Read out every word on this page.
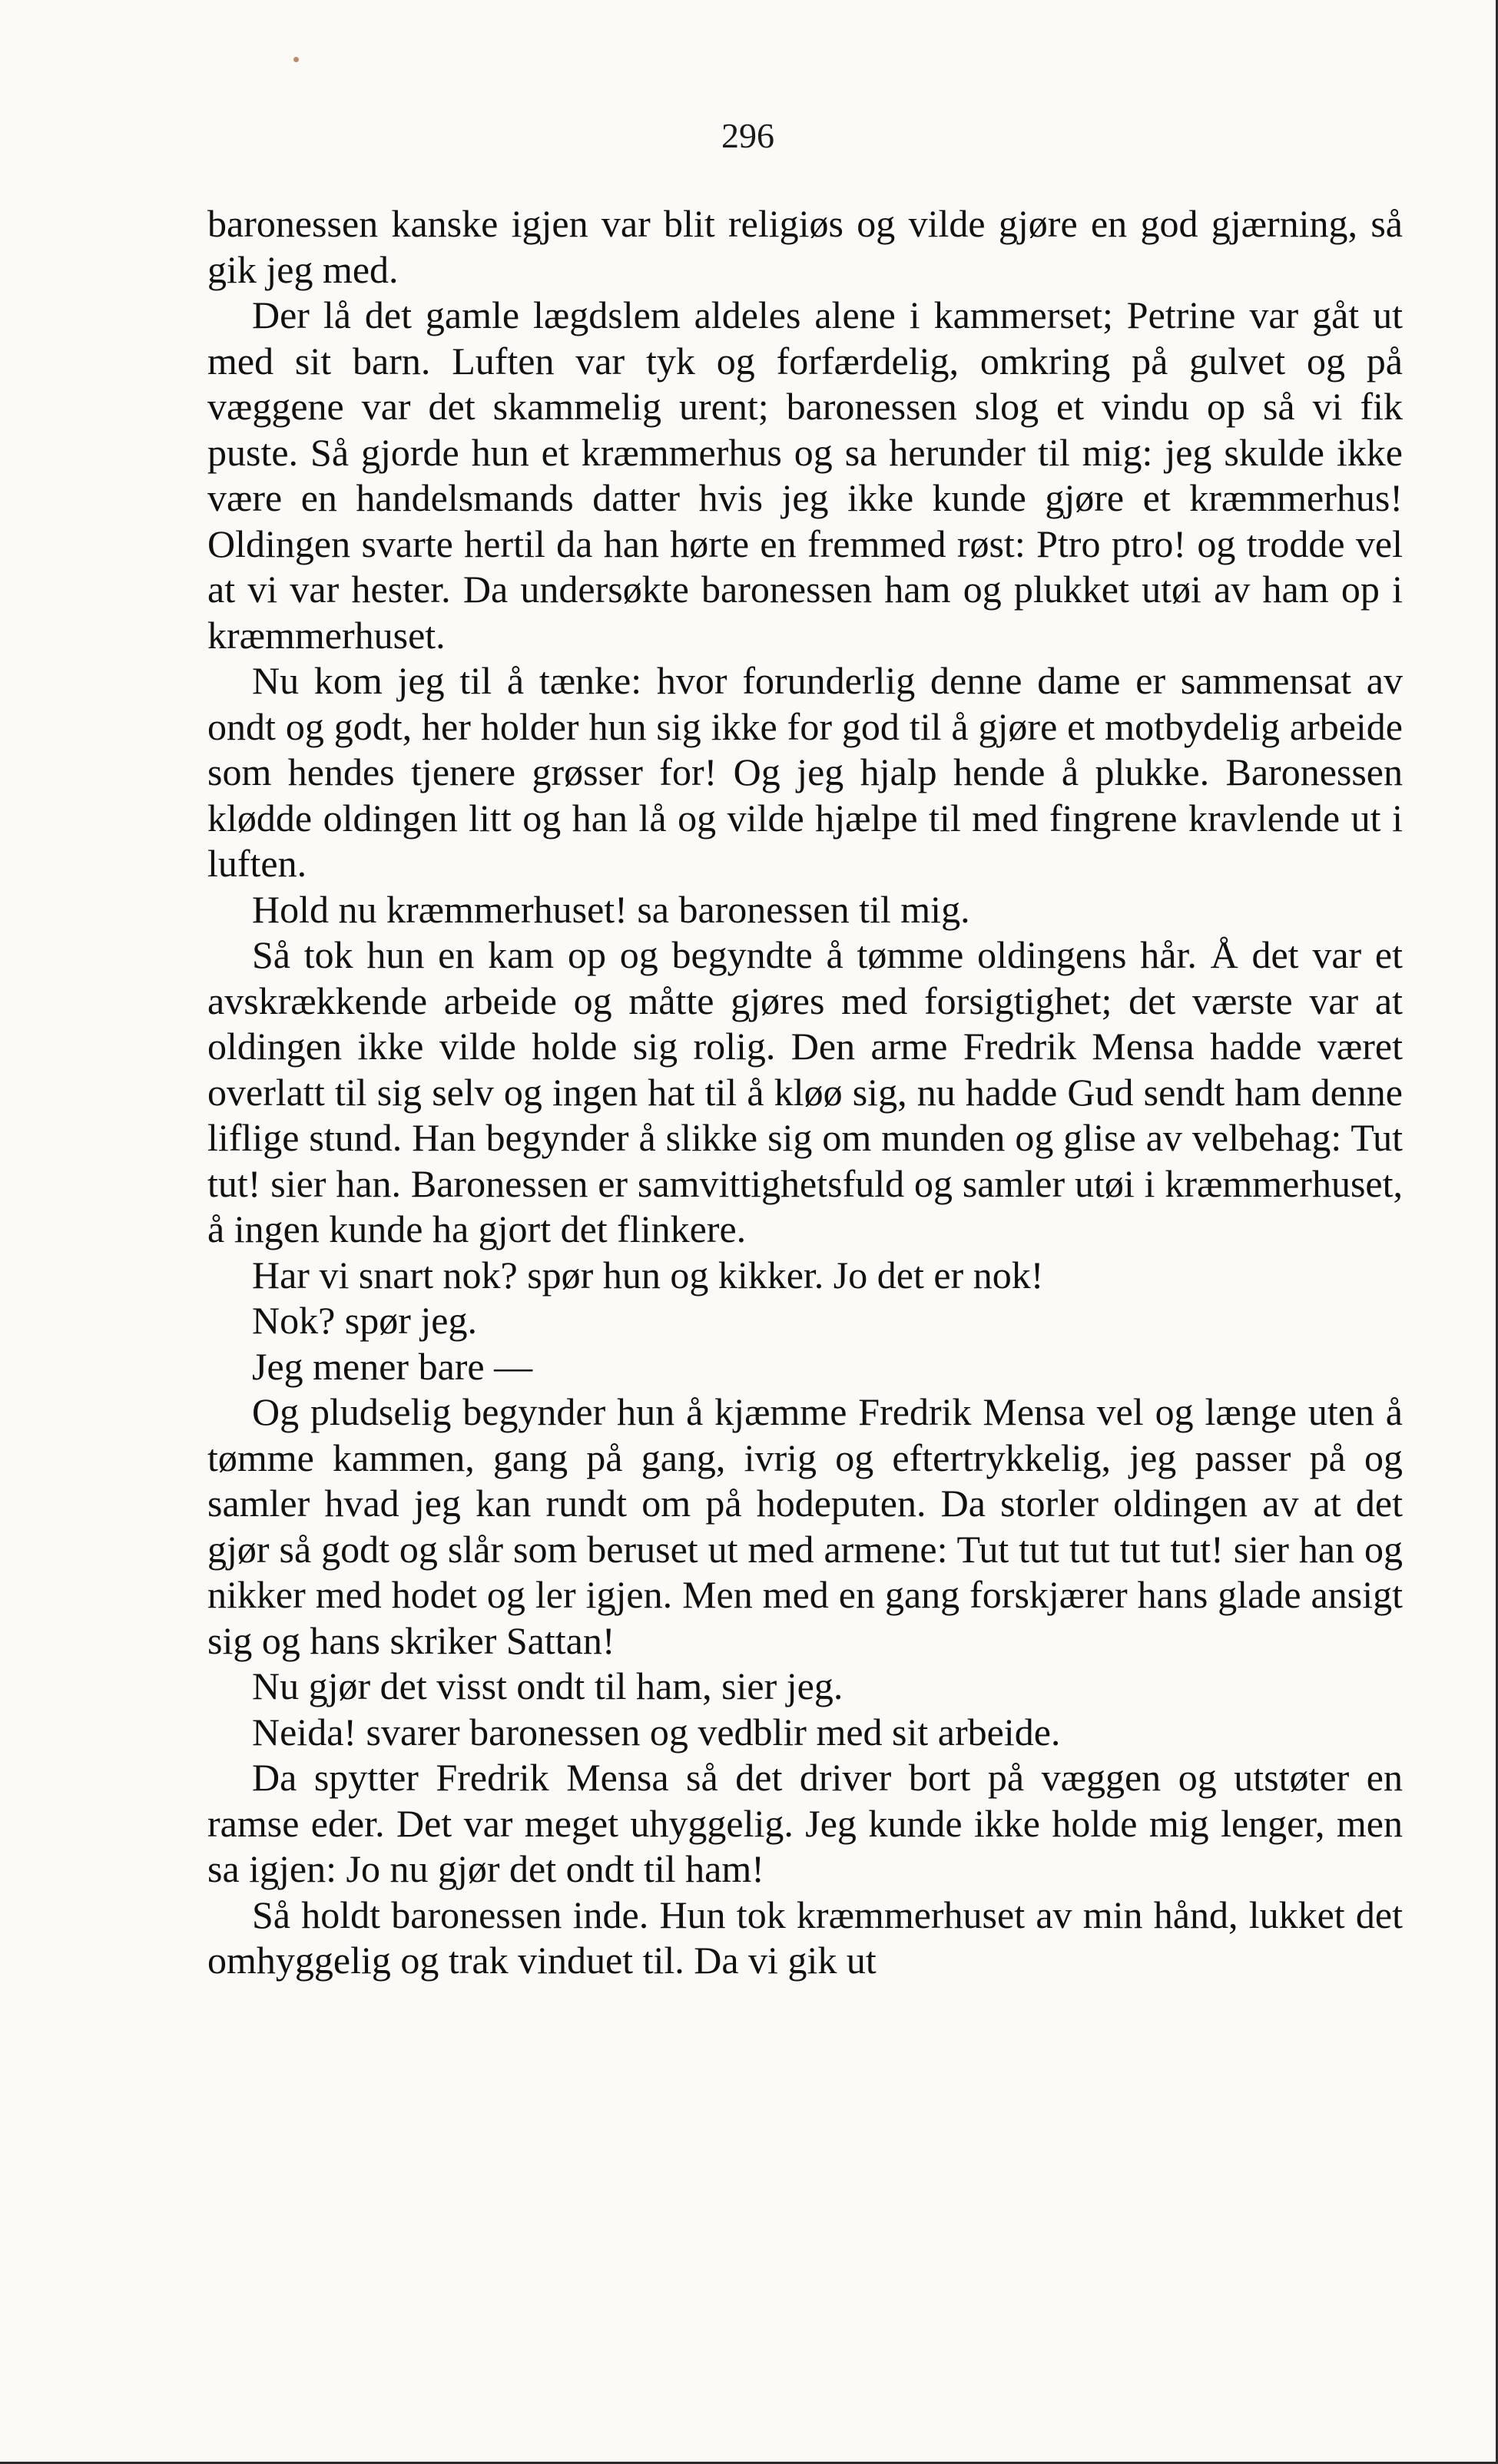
296

baronessen kanske igjen var blit religiøs og vilde gjøre en god gjærning, så gik jeg med.

Der lå det gamle lægdslem aldeles alene i kammerset; Petrine var gåt ut med sit barn. Luften var tyk og forfærdelig, omkring på gulvet og på væggene var det skammelig urent; baronessen slog et vindu op så vi fik puste. Så gjorde hun et kræmmerhus og sa herunder til mig: jeg skulde ikke være en handelsmands datter hvis jeg ikke kunde gjøre et kræmmerhus! Oldingen svarte hertil da han hørte en fremmed røst: Ptro ptro! og trodde vel at vi var hester. Da undersøkte baronessen ham og plukket utøi av ham op i kræmmerhuset.

Nu kom jeg til å tænke: hvor forunderlig denne dame er sammensat av ondt og godt, her holder hun sig ikke for god til å gjøre et motbydelig arbeide som hendes tjenere grøsser for! Og jeg hjalp hende å plukke. Baronessen kløddе oldingen litt og han lå og vilde hjælpe til med fingrene kravlende ut i luften.

Hold nu kræmmerhuset! sa baronessen til mig.

Så tok hun en kam op og begyndte å tømme oldingens hår. Å det var et avskrækkende arbeide og måtte gjøres med forsigtighet; det værste var at oldingen ikke vilde holde sig rolig. Den arme Fredrik Mensa hadde været overlatt til sig selv og ingen hat til å kløø sig, nu hadde Gud sendt ham denne liflige stund. Han begynder å slikke sig om munden og glise av velbehag: Tut tut! sier han. Baronessen er samvittighetsfuld og samler utøi i kræmmerhuset, å ingen kunde ha gjort det flinkere.

Har vi snart nok? spør hun og kikker. Jo det er nok!

Nok? spør jeg.

Jeg mener bare —

Og pludselig begynder hun å kjæmme Fredrik Mensa vel og længe uten å tømme kammen, gang på gang, ivrig og eftertrykkelig, jeg passer på og samler hvad jeg kan rundt om på hodeputen. Da storler oldingen av at det gjør så godt og slår som beruset ut med armene: Tut tut tut tut tut! sier han og nikker med hodet og ler igjen. Men med en gang forskjærer hans glade ansigt sig og hans skriker Sattan!

Nu gjør det visst ondt til ham, sier jeg.

Neida! svarer baronessen og vedblir med sit arbeide.

Da spytter Fredrik Mensa så det driver bort på væggen og utstøter en ramse eder. Det var meget uhyggelig. Jeg kunde ikke holde mig lenger, men sa igjen: Jo nu gjør det ondt til ham!

Så holdt baronessen inde. Hun tok kræmmerhuset av min hånd, lukket det omhyggelig og trak vinduet til. Da vi gik ut
